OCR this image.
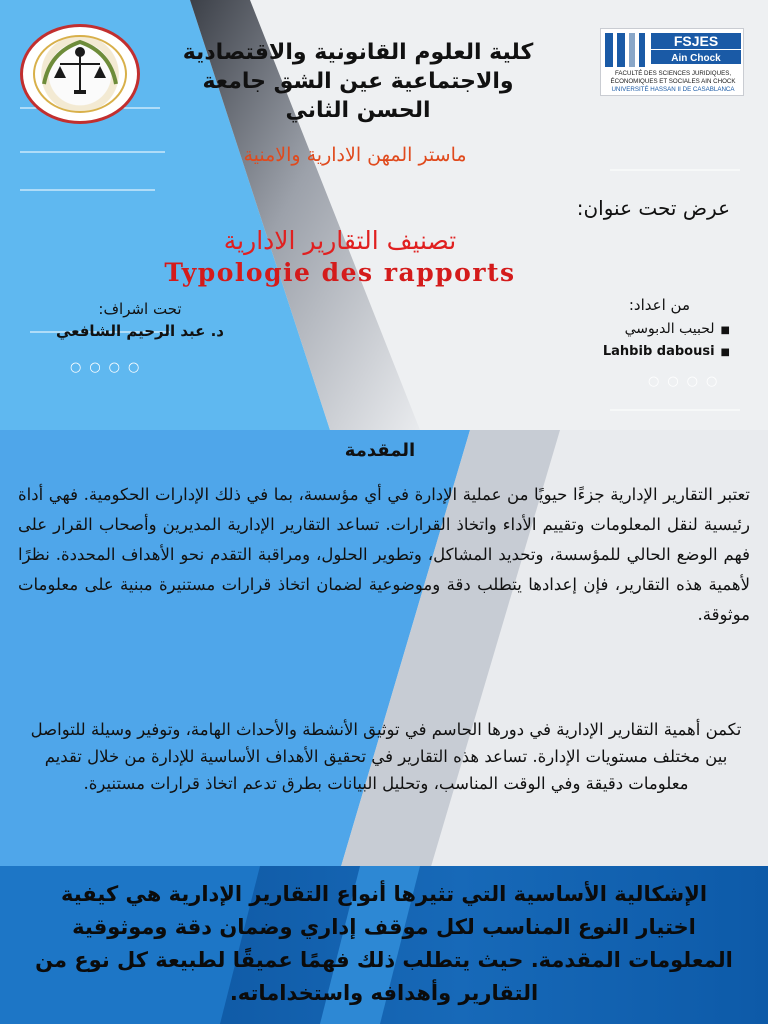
FSJES
Ain Chock
FACULTÉ DES SCIENCES JURIDIQUES,
ÉCONOMIQUES ET SOCIALES AIN CHOCK
UNIVERSITÉ HASSAN II DE CASABLANCA
كلية العلوم القانونية والاقتصادية
والاجتماعية عين الشق جامعة
الحسن الثاني
ماستر المهن الادارية والامنية
عرض تحت عنوان:
تصنيف التقارير الادارية
Typologie des rapports
تحت اشراف:
د. عبد الرحيم الشافعي
من اعداد:
■لحبيب الدبوسي
■Lahbib dabousi
○○○○
○○○○
المقدمة
تعتبر التقارير الإدارية جزءًا حيويًا من عملية الإدارة في أي مؤسسة، بما في ذلك الإدارات الحكومية. فهي أداة رئيسية لنقل المعلومات وتقييم الأداء واتخاذ القرارات. تساعد التقارير الإدارية المديرين وأصحاب القرار على فهم الوضع الحالي للمؤسسة، وتحديد المشاكل، وتطوير الحلول، ومراقبة التقدم نحو الأهداف المحددة. نظرًا لأهمية هذه التقارير، فإن إعدادها يتطلب دقة وموضوعية لضمان اتخاذ قرارات مستنيرة مبنية على معلومات موثوقة.
تكمن أهمية التقارير الإدارية في دورها الحاسم في توثيق الأنشطة والأحداث الهامة، وتوفير وسيلة للتواصل بين مختلف مستويات الإدارة. تساعد هذه التقارير في تحقيق الأهداف الأساسية للإدارة من خلال تقديم معلومات دقيقة وفي الوقت المناسب، وتحليل البيانات بطرق تدعم اتخاذ قرارات مستنيرة.
الإشكالية الأساسية التي تثيرها أنواع التقارير الإدارية هي كيفية اختيار النوع المناسب لكل موقف إداري وضمان دقة وموثوقية المعلومات المقدمة. حيث يتطلب ذلك فهمًا عميقًا لطبيعة كل نوع من التقارير وأهدافه واستخداماته.
